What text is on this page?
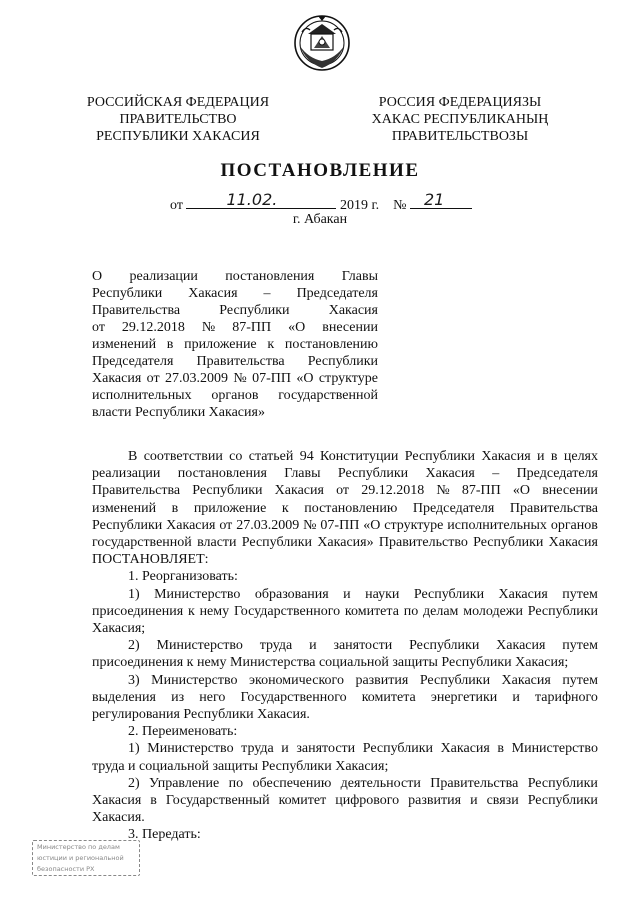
РОССИЙСКАЯ ФЕДЕРАЦИЯ
ПРАВИТЕЛЬСТВО
РЕСПУБЛИКИ ХАКАСИЯ
РОССИЯ ФЕДЕРАЦИЯЗЫ
ХАКАС РЕСПУБЛИКАНЫҢ
ПРАВИТЕЛЬСТВОЗЫ
ПОСТАНОВЛЕНИЕ
от	11.02.	2019 г. № 21
г. Абакан
О реализации постановления Главы
Республики Хакасия – Председателя
Правительства	Республики	Хакасия
от 29.12.2018 № 87-ПП «О внесении
изменений в приложение к постановлению
Председателя Правительства Республики
Хакасия от 27.03.2009 № 07-ПП «О структуре
исполнительных органов государственной
власти Республики Хакасия»
В соответствии со статьей 94 Конституции Республики Хакасия и в целях
реализации постановления Главы Республики Хакасия – Председателя
Правительства Республики Хакасия от 29.12.2018 № 87-ПП «О внесении
изменений в приложение к постановлению Председателя Правительства
Республики Хакасия от 27.03.2009 № 07-ПП «О структуре исполнительных органов
государственной власти Республики Хакасия» Правительство Республики Хакасия
ПОСТАНОВЛЯЕТ:
1. Реорганизовать:
1) Министерство образования и науки Республики Хакасия путем
присоединения к нему Государственного комитета по делам молодежи Республики
Хакасия;
2) Министерство труда и занятости Республики Хакасия путем
присоединения к нему Министерства социальной защиты Республики Хакасия;
3) Министерство экономического развития Республики Хакасия путем
выделения из него Государственного комитета энергетики и тарифного
регулирования Республики Хакасия.
2. Переименовать:
1) Министерство труда и занятости Республики Хакасия в Министерство
труда и социальной защиты Республики Хакасия;
2) Управление по обеспечению деятельности Правительства Республики
Хакасия в Государственный комитет цифрового развития и связи Республики
Хакасия.
3. Передать:
Министерство по делам
юстиции и региональной
безопасности РХ
